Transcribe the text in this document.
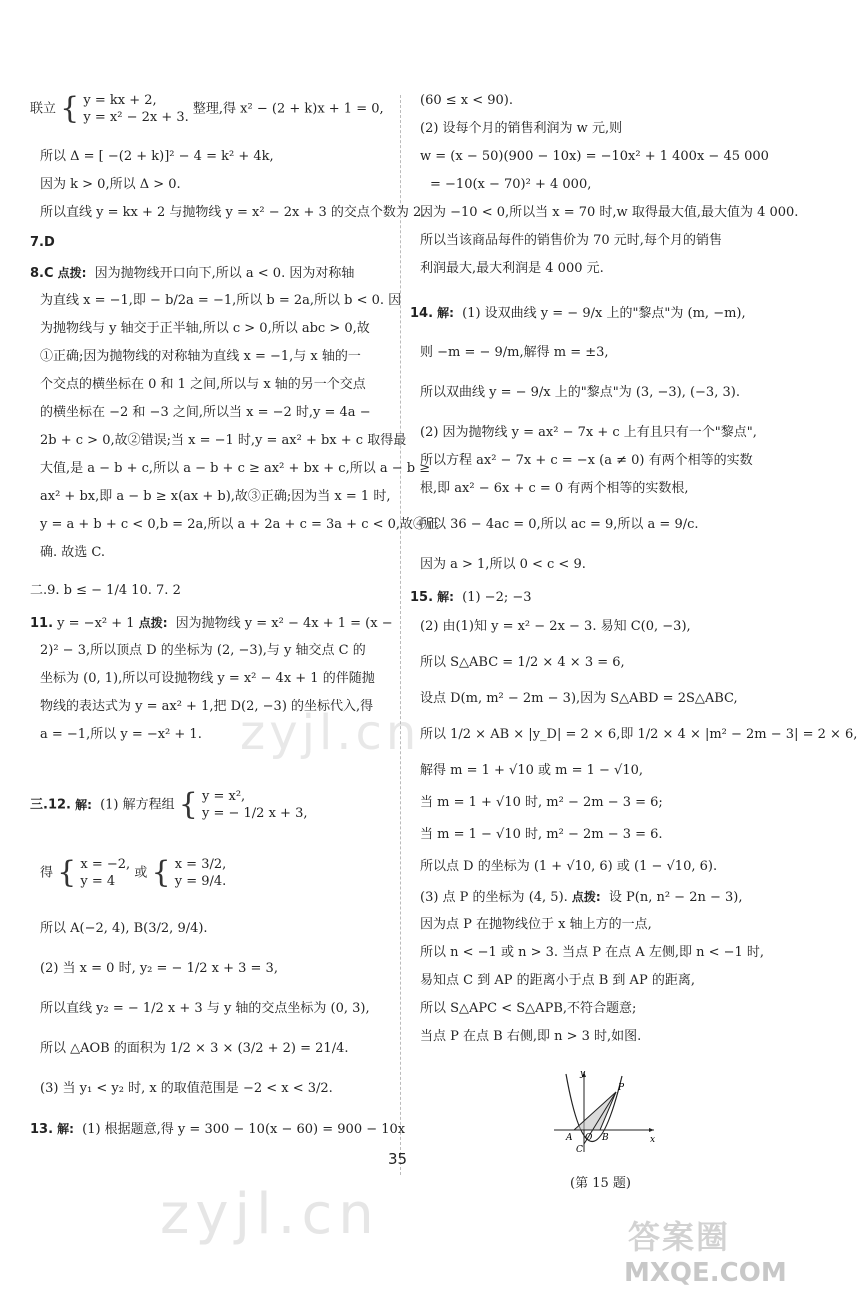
联立 { y = kx + 2,
y = x² − 2x + 3. 整理,得 x² − (2 + k)x + 1 = 0,
所以 Δ = [ −(2 + k)]² − 4 = k² + 4k,
因为 k > 0,所以 Δ > 0.
所以直线 y = kx + 2 与抛物线 y = x² − 2x + 3 的交点个数为 2.
7.D
8.C 点拨: 因为抛物线开口向下,所以 a < 0. 因为对称轴
为直线 x = −1,即 − b/2a = −1,所以 b = 2a,所以 b < 0. 因
为抛物线与 y 轴交于正半轴,所以 c > 0,所以 abc > 0,故
①正确;因为抛物线的对称轴为直线 x = −1,与 x 轴的一
个交点的横坐标在 0 和 1 之间,所以与 x 轴的另一个交点
的横坐标在 −2 和 −3 之间,所以当 x = −2 时,y = 4a −
2b + c > 0,故②错误;当 x = −1 时,y = ax² + bx + c 取得最
大值,是 a − b + c,所以 a − b + c ≥ ax² + bx + c,所以 a − b ≥
ax² + bx,即 a − b ≥ x(ax + b),故③正确;因为当 x = 1 时,
y = a + b + c < 0,b = 2a,所以 a + 2a + c = 3a + c < 0,故④正
确. 故选 C.
二.9. b ≤ − 1/4 10. 7. 2
11. y = −x² + 1 点拨: 因为抛物线 y = x² − 4x + 1 = (x −
2)² − 3,所以顶点 D 的坐标为 (2, −3),与 y 轴交点 C 的
坐标为 (0, 1),所以可设抛物线 y = x² − 4x + 1 的伴随抛
物线的表达式为 y = ax² + 1,把 D(2, −3) 的坐标代入,得
a = −1,所以 y = −x² + 1.
三.12. 解: (1) 解方程组 { y = x²,
y = − 1/2 x + 3,
得 { x = −2,
y = 4 或 { x = 3/2,
y = 9/4.
所以 A(−2, 4), B(3/2, 9/4).
(2) 当 x = 0 时, y₂ = − 1/2 x + 3 = 3,
所以直线 y₂ = − 1/2 x + 3 与 y 轴的交点坐标为 (0, 3),
所以 △AOB 的面积为 1/2 × 3 × (3/2 + 2) = 21/4.
(3) 当 y₁ < y₂ 时, x 的取值范围是 −2 < x < 3/2.
13. 解: (1) 根据题意,得 y = 300 − 10(x − 60) = 900 − 10x
(60 ≤ x < 90).
(2) 设每个月的销售利润为 w 元,则
w = (x − 50)(900 − 10x) = −10x² + 1 400x − 45 000
= −10(x − 70)² + 4 000,
因为 −10 < 0,所以当 x = 70 时,w 取得最大值,最大值为 4 000.
所以当该商品每件的销售价为 70 元时,每个月的销售
利润最大,最大利润是 4 000 元.
14. 解: (1) 设双曲线 y = − 9/x 上的"黎点"为 (m, −m),
则 −m = − 9/m,解得 m = ±3,
所以双曲线 y = − 9/x 上的"黎点"为 (3, −3), (−3, 3).
(2) 因为抛物线 y = ax² − 7x + c 上有且只有一个"黎点",
所以方程 ax² − 7x + c = −x (a ≠ 0) 有两个相等的实数
根,即 ax² − 6x + c = 0 有两个相等的实数根,
所以 36 − 4ac = 0,所以 ac = 9,所以 a = 9/c.
因为 a > 1,所以 0 < c < 9.
15. 解: (1) −2; −3
(2) 由(1)知 y = x² − 2x − 3. 易知 C(0, −3),
所以 S△ABC = 1/2 × 4 × 3 = 6,
设点 D(m, m² − 2m − 3),因为 S△ABD = 2S△ABC,
所以 1/2 × AB × |y_D| = 2 × 6,即 1/2 × 4 × |m² − 2m − 3| = 2 × 6,
解得 m = 1 + √10 或 m = 1 − √10,
当 m = 1 + √10 时, m² − 2m − 3 = 6;
当 m = 1 − √10 时, m² − 2m − 3 = 6.
所以点 D 的坐标为 (1 + √10, 6) 或 (1 − √10, 6).
(3) 点 P 的坐标为 (4, 5). 点拨: 设 P(n, n² − 2n − 3),
因为点 P 在抛物线位于 x 轴上方的一点,
所以 n < −1 或 n > 3. 当点 P 在点 A 左侧,即 n < −1 时,
易知点 C 到 AP 的距离小于点 B 到 AP 的距离,
所以 S△APC < S△APB,不符合题意;
当点 P 在点 B 右侧,即 n > 3 时,如图.
y
x
P
A O B
C
(第 15 题)
35
zyjl.cn
zyjl.cn	答案圈
MXQE.COM
